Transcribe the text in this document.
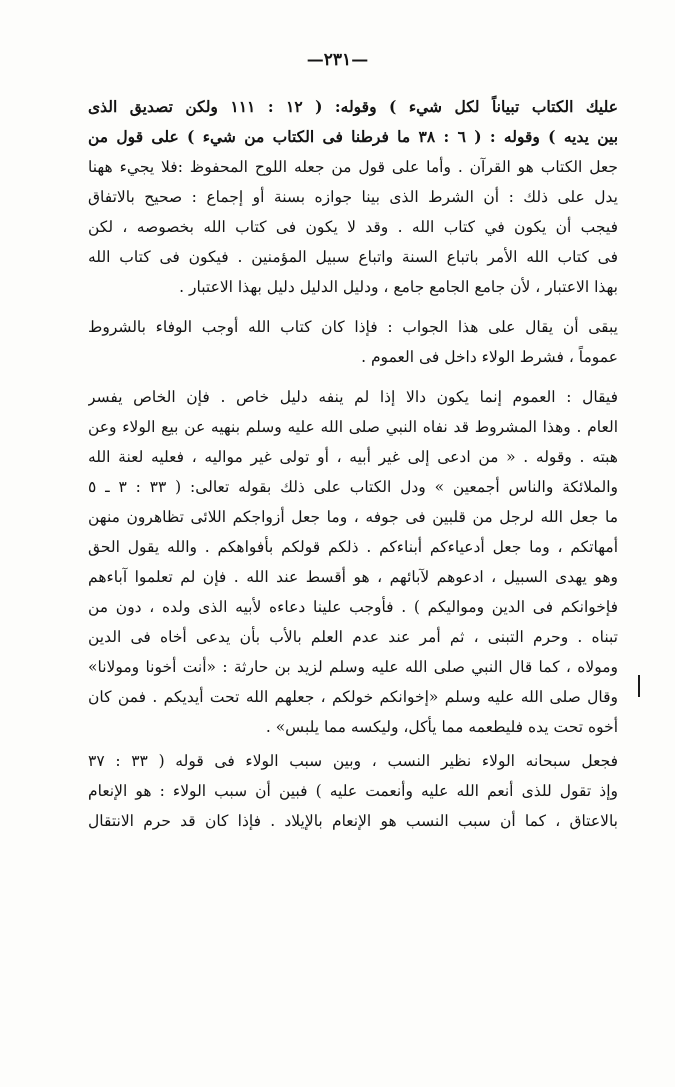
—۲۳۱—
عليك الكتاب تبياناً لكل شيء ) وقوله: ( ١٢ : ١١١ ولكن تصديق الذى
بين يديه ) وقوله : ( ٦ : ٣٨ ما فرطنا فى الكتاب من شيء ) على قول من
جعل الكتاب هو القرآن . وأما على قول من جعله اللوح المحفوظ :فلا يجيء ههنا
يدل على ذلك : أن الشرط الذى بينا جوازه بسنة أو إجماع : صحيح بالاتفاق
فيجب أن يكون في كتاب الله . وقد لا يكون فى كتاب الله بخصوصه ، لكن
فى كتاب الله الأمر باتباع السنة واتباع سبيل المؤمنين . فيكون فى كتاب الله
بهذا الاعتبار ، لأن جامع الجامع جامع ، ودليل الدليل دليل بهذا الاعتبار .
يبقى أن يقال على هذا الجواب : فإذا كان كتاب الله أوجب الوفاء بالشروط
عموماً ، فشرط الولاء داخل فى العموم .
فيقال : العموم إنما يكون دالا إذا لم ينفه دليل خاص . فإن الخاص يفسر
العام . وهذا المشروط قد نفاه النبي صلى الله عليه وسلم بنهيه عن بيع الولاء وعن
هبته . وقوله . « من ادعى إلى غير أبيه ، أو تولى غير مواليه ، فعليه لعنة الله
والملائكة والناس أجمعين » ودل الكتاب على ذلك بقوله تعالى: ( ٣٣ : ٣ ـ ٥
ما جعل الله لرجل من قلبين فى جوفه ، وما جعل أزواجكم اللائى تظاهرون منهن
أمهاتكم ، وما جعل أدعياءكم أبناءكم . ذلكم قولكم بأفواهكم . والله يقول الحق
وهو يهدى السبيل ، ادعوهم لآبائهم ، هو أقسط عند الله . فإن لم تعلموا آباءهم
فإخوانكم فى الدين ومواليكم ) . فأوجب علينا دعاءه لأبيه الذى ولده ، دون من
تبناه . وحرم التبنى ، ثم أمر عند عدم العلم بالأب بأن يدعى أخاه فى الدين
ومولاه ، كما قال النبي صلى الله عليه وسلم لزيد بن حارثة : «أنت أخونا ومولانا»
وقال صلى الله عليه وسلم «إخوانكم خولكم ، جعلهم الله تحت أيديكم . فمن كان
أخوه تحت يده فليطعمه مما يأكل، وليكسه مما يلبس» .
فجعل سبحانه الولاء نظير النسب ، وبين سبب الولاء فى قوله ( ٣٣ : ٣٧
وإذ تقول للذى أنعم الله عليه وأنعمت عليه ) فبين أن سبب الولاء : هو الإنعام
بالاعتاق ، كما أن سبب النسب هو الإنعام بالإيلاد . فإذا كان قد حرم الانتقال
